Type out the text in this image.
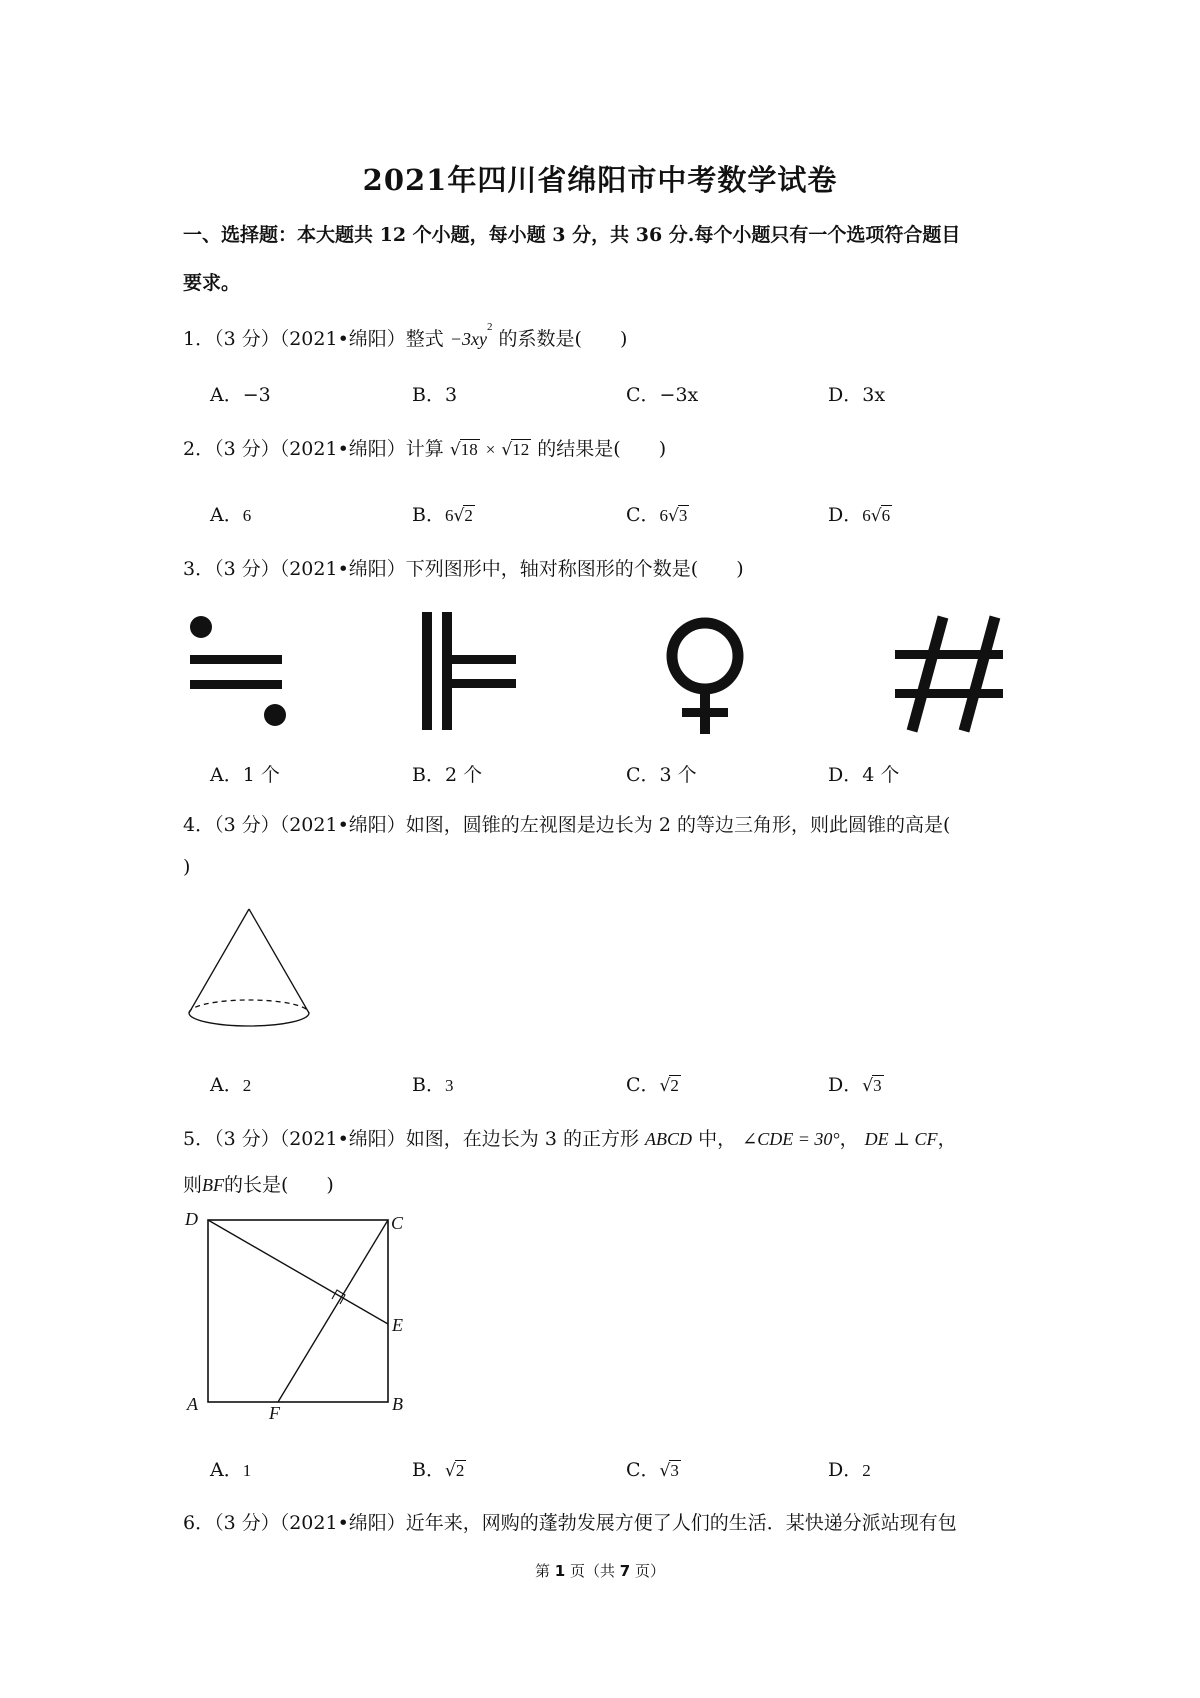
2021年四川省绵阳市中考数学试卷
一、选择题：本大题共 12 个小题，每小题 3 分，共 36 分.每个小题只有一个选项符合题目
要求。
1．（3 分）（2021•绵阳）整式 $-3xy^2$ 的系数是(　　)
A．−3	B．3	C．−3x	D．3x
2．（3 分）（2021•绵阳）计算 √18 × √12 的结果是(　　)
A．6	B．6√2	C．6√3	D．6√6
3．（3 分）（2021•绵阳）下列图形中，轴对称图形的个数是(　　)
A．1 个	B．2 个	C．3 个	D．4 个
4．（3 分）（2021•绵阳）如图，圆锥的左视图是边长为 2 的等边三角形，则此圆锥的高是(
)
A．2	B．3	C．√2	D．√3
5．（3 分）（2021•绵阳）如图，在边长为 3 的正方形 ABCD 中， ∠CDE = 30°， DE ⊥ CF，
则BF的长是(　　)
D	C
E
A	F	B
A．1	B．√2	C．√3	D．2
6．（3 分）（2021•绵阳）近年来，网购的蓬勃发展方便了人们的生活．某快递分派站现有包
第 1 页（共 7 页）
